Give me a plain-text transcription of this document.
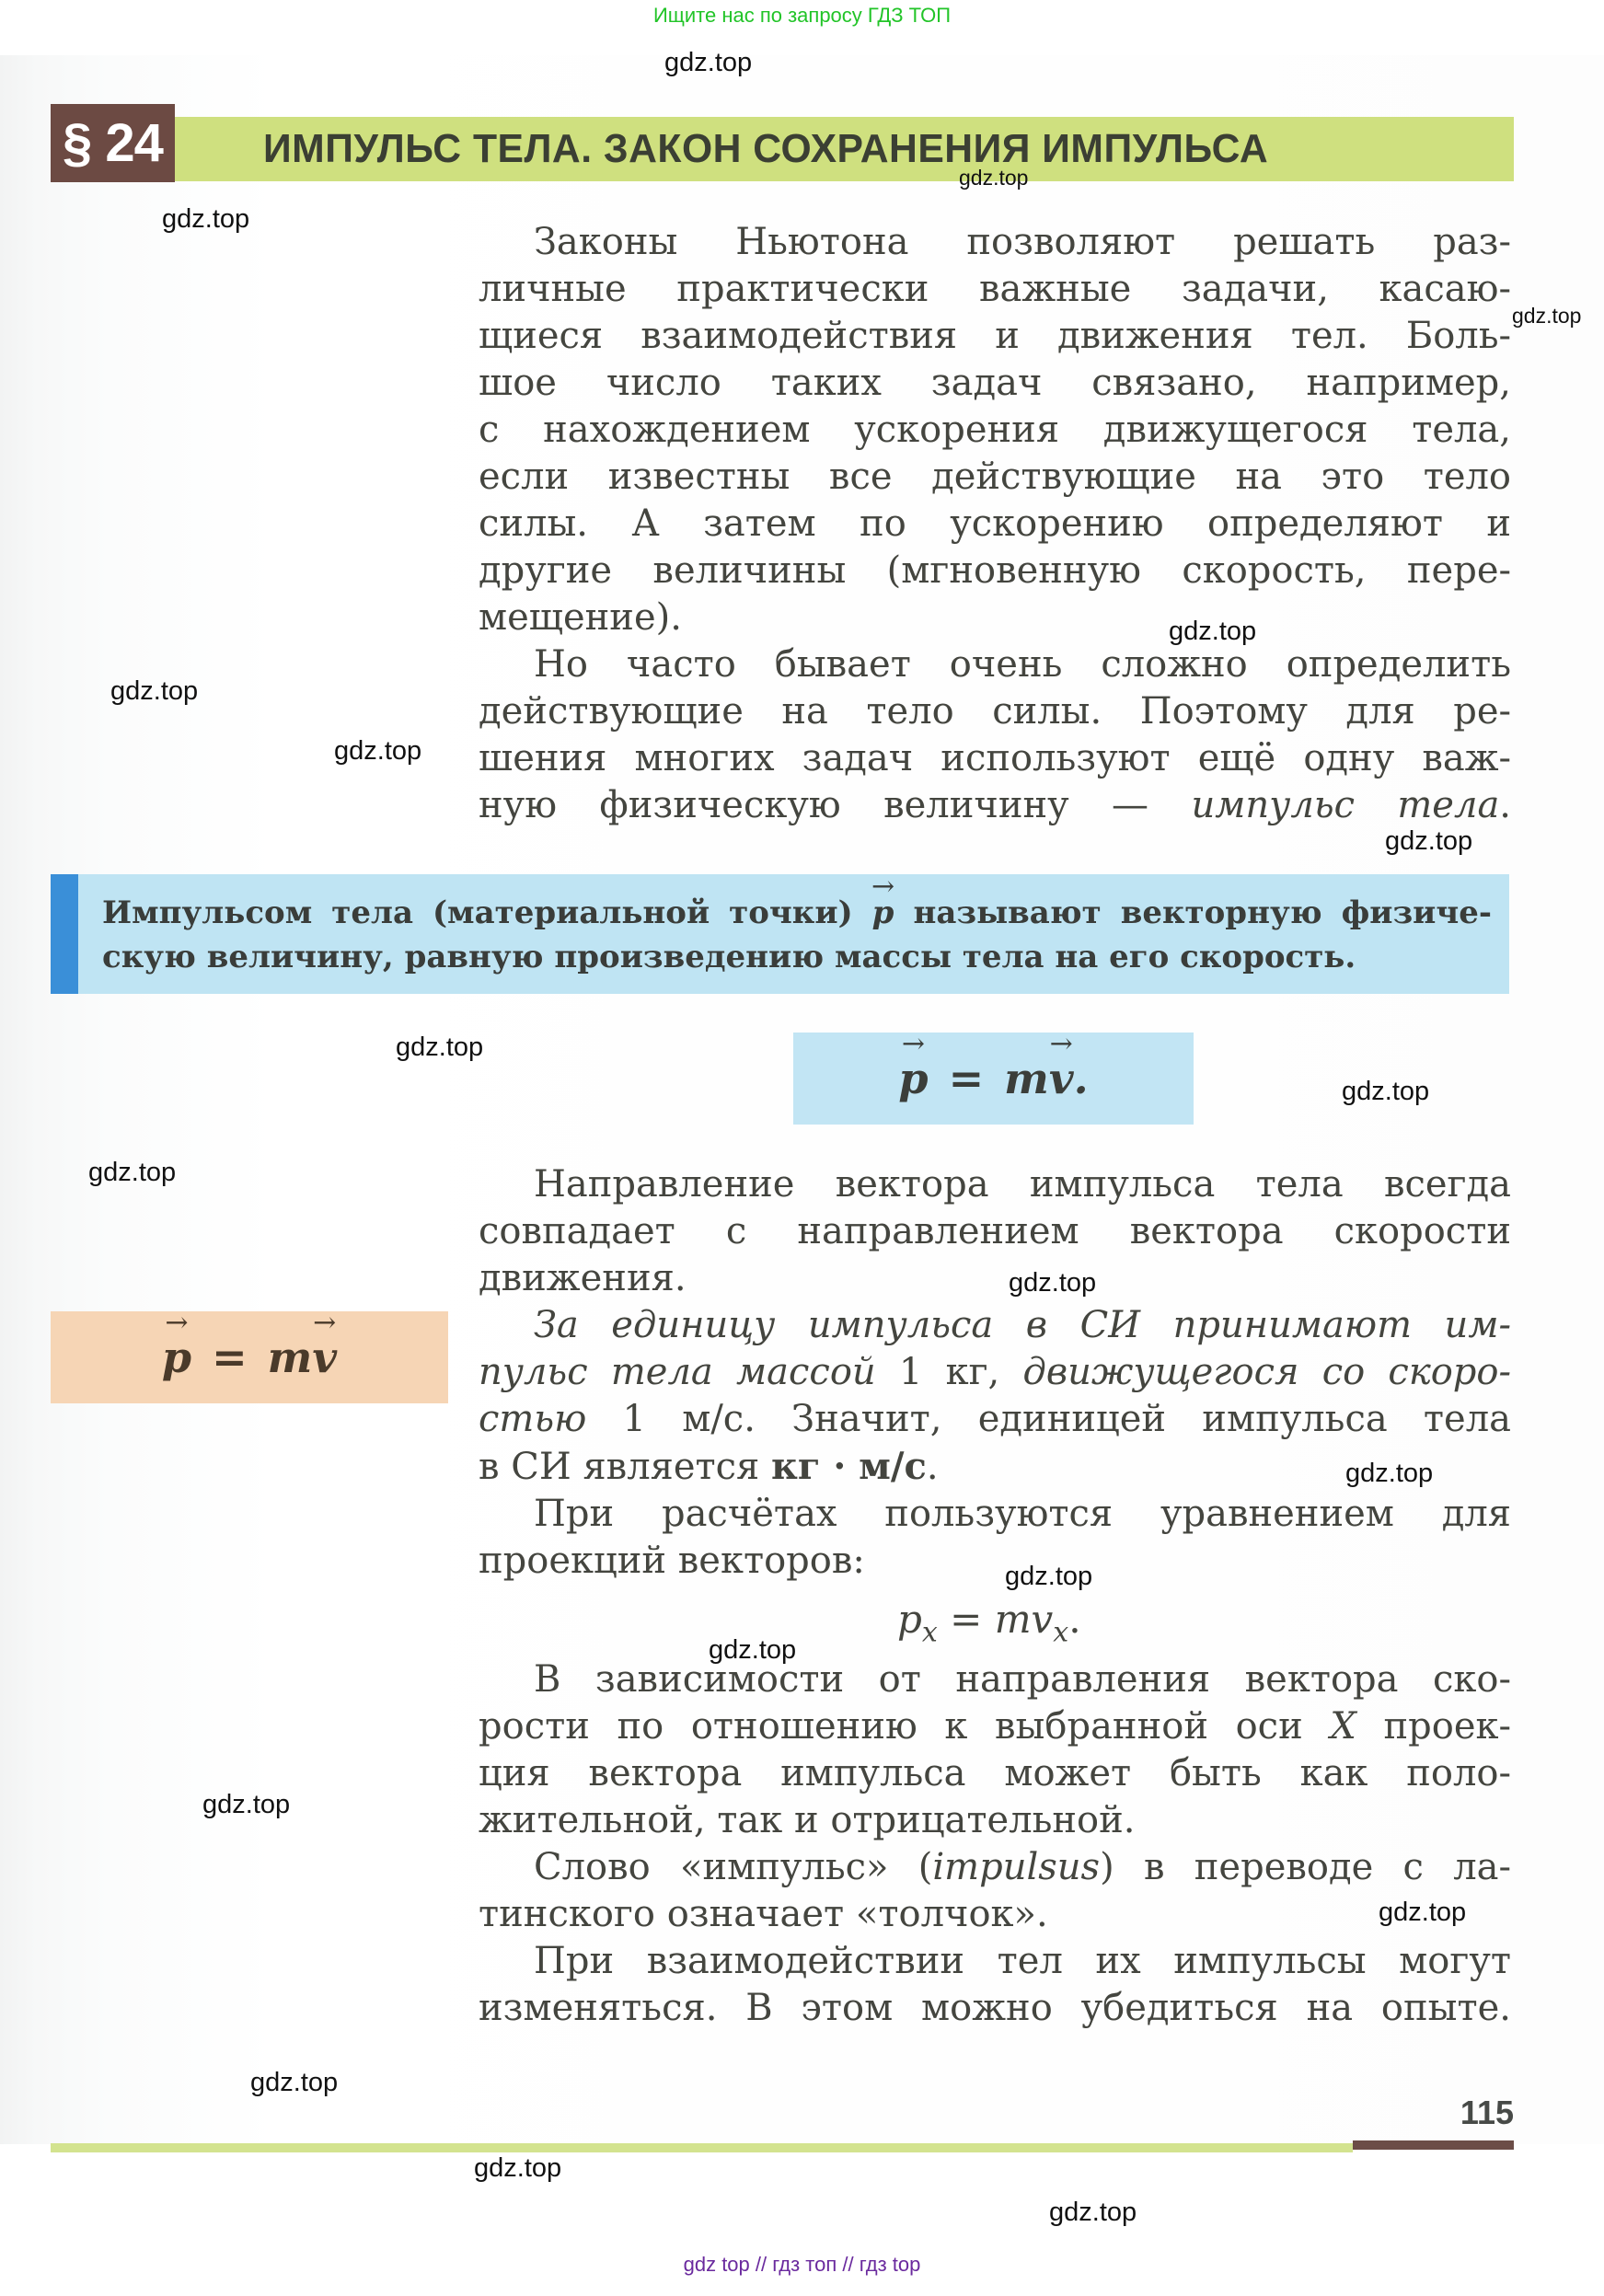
Ищите нас по запросу ГДЗ ТОП
§ 24 ИМПУЛЬС ТЕЛА. ЗАКОН СОХРАНЕНИЯ ИМПУЛЬСА

Законы Ньютона позволяют решать раз-
личные практически важные задачи, касаю-
щиеся взаимодействия и движения тел. Боль-
шое число таких задач связано, например,
с нахождением ускорения движущегося тела,
если известны все действующие на это тело
силы. А затем по ускорению определяют и
другие величины (мгновенную скорость, пере-
мещение).

Но часто бывает очень сложно определить
действующие на тело силы. Поэтому для ре-
шения многих задач используют ещё одну важ-
ную физическую величину — импульс тела.

Импульсом тела (материальной точки) → p называют векторную физиче-
скую величину, равную произведению массы тела на его скорость.
→ p = m → v .
→ p = m → v

Направление вектора импульса тела всегда
совпадает с направлением вектора скорости
движения.

За единицу импульса в СИ принимают им-
пульс тела массой 1 кг, движущегося со скоро-
стью 1 м/с. Значит, единицей импульса тела
в СИ является кг · м/с.

При расчётах пользуются уравнением для
проекций векторов:

$p_x = mv_x$.

В зависимости от направления вектора ско-
рости по отношению к выбранной оси X проек-
ция вектора импульса может быть как поло-
жительной, так и отрицательной.

Слово «импульс» (impulsus) в переводе с ла-
тинского означает «толчок».

При взаимодействии тел их импульсы могут
изменяться. В этом можно убедиться на опыте.

115
gdz.top
gdz.top
gdz.top
gdz.top
gdz.top
gdz.top
gdz.top
gdz.top
gdz.top
gdz.top
gdz.top
gdz.top
gdz.top
gdz.top
gdz.top
gdz.top
gdz.top
gdz.top
gdz.top
gdz.top
gdz top // гдз топ // гдз top
